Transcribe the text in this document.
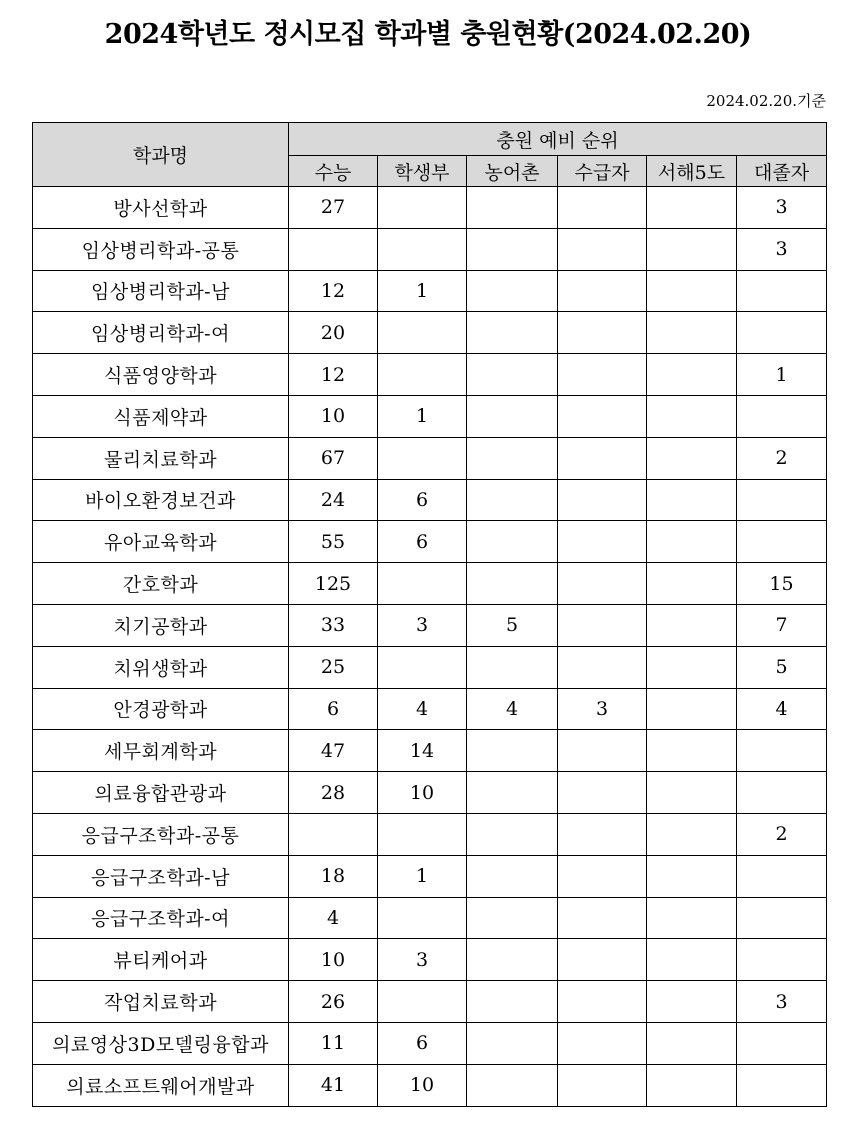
2024학년도 정시모집 학과별 충원현황(2024.02.20)
2024.02.20.기준
학과명	충원 예비 순위					
	수능	학생부	농어촌	수급자	서해5도	대졸자
방사선학과	27					3
임상병리학과-공통						3
임상병리학과-남	12	1				
임상병리학과-여	20					
식품영양학과	12					1
식품제약과	10	1				
물리치료학과	67					2
바이오환경보건과	24	6				
유아교육학과	55	6				
간호학과	125					15
치기공학과	33	3	5			7
치위생학과	25					5
안경광학과	6	4	4	3		4
세무회계학과	47	14				
의료융합관광과	28	10				
응급구조학과-공통						2
응급구조학과-남	18	1				
응급구조학과-여	4					
뷰티케어과	10	3				
작업치료학과	26					3
의료영상3D모델링융합과	11	6				
의료소프트웨어개발과	41	10				
